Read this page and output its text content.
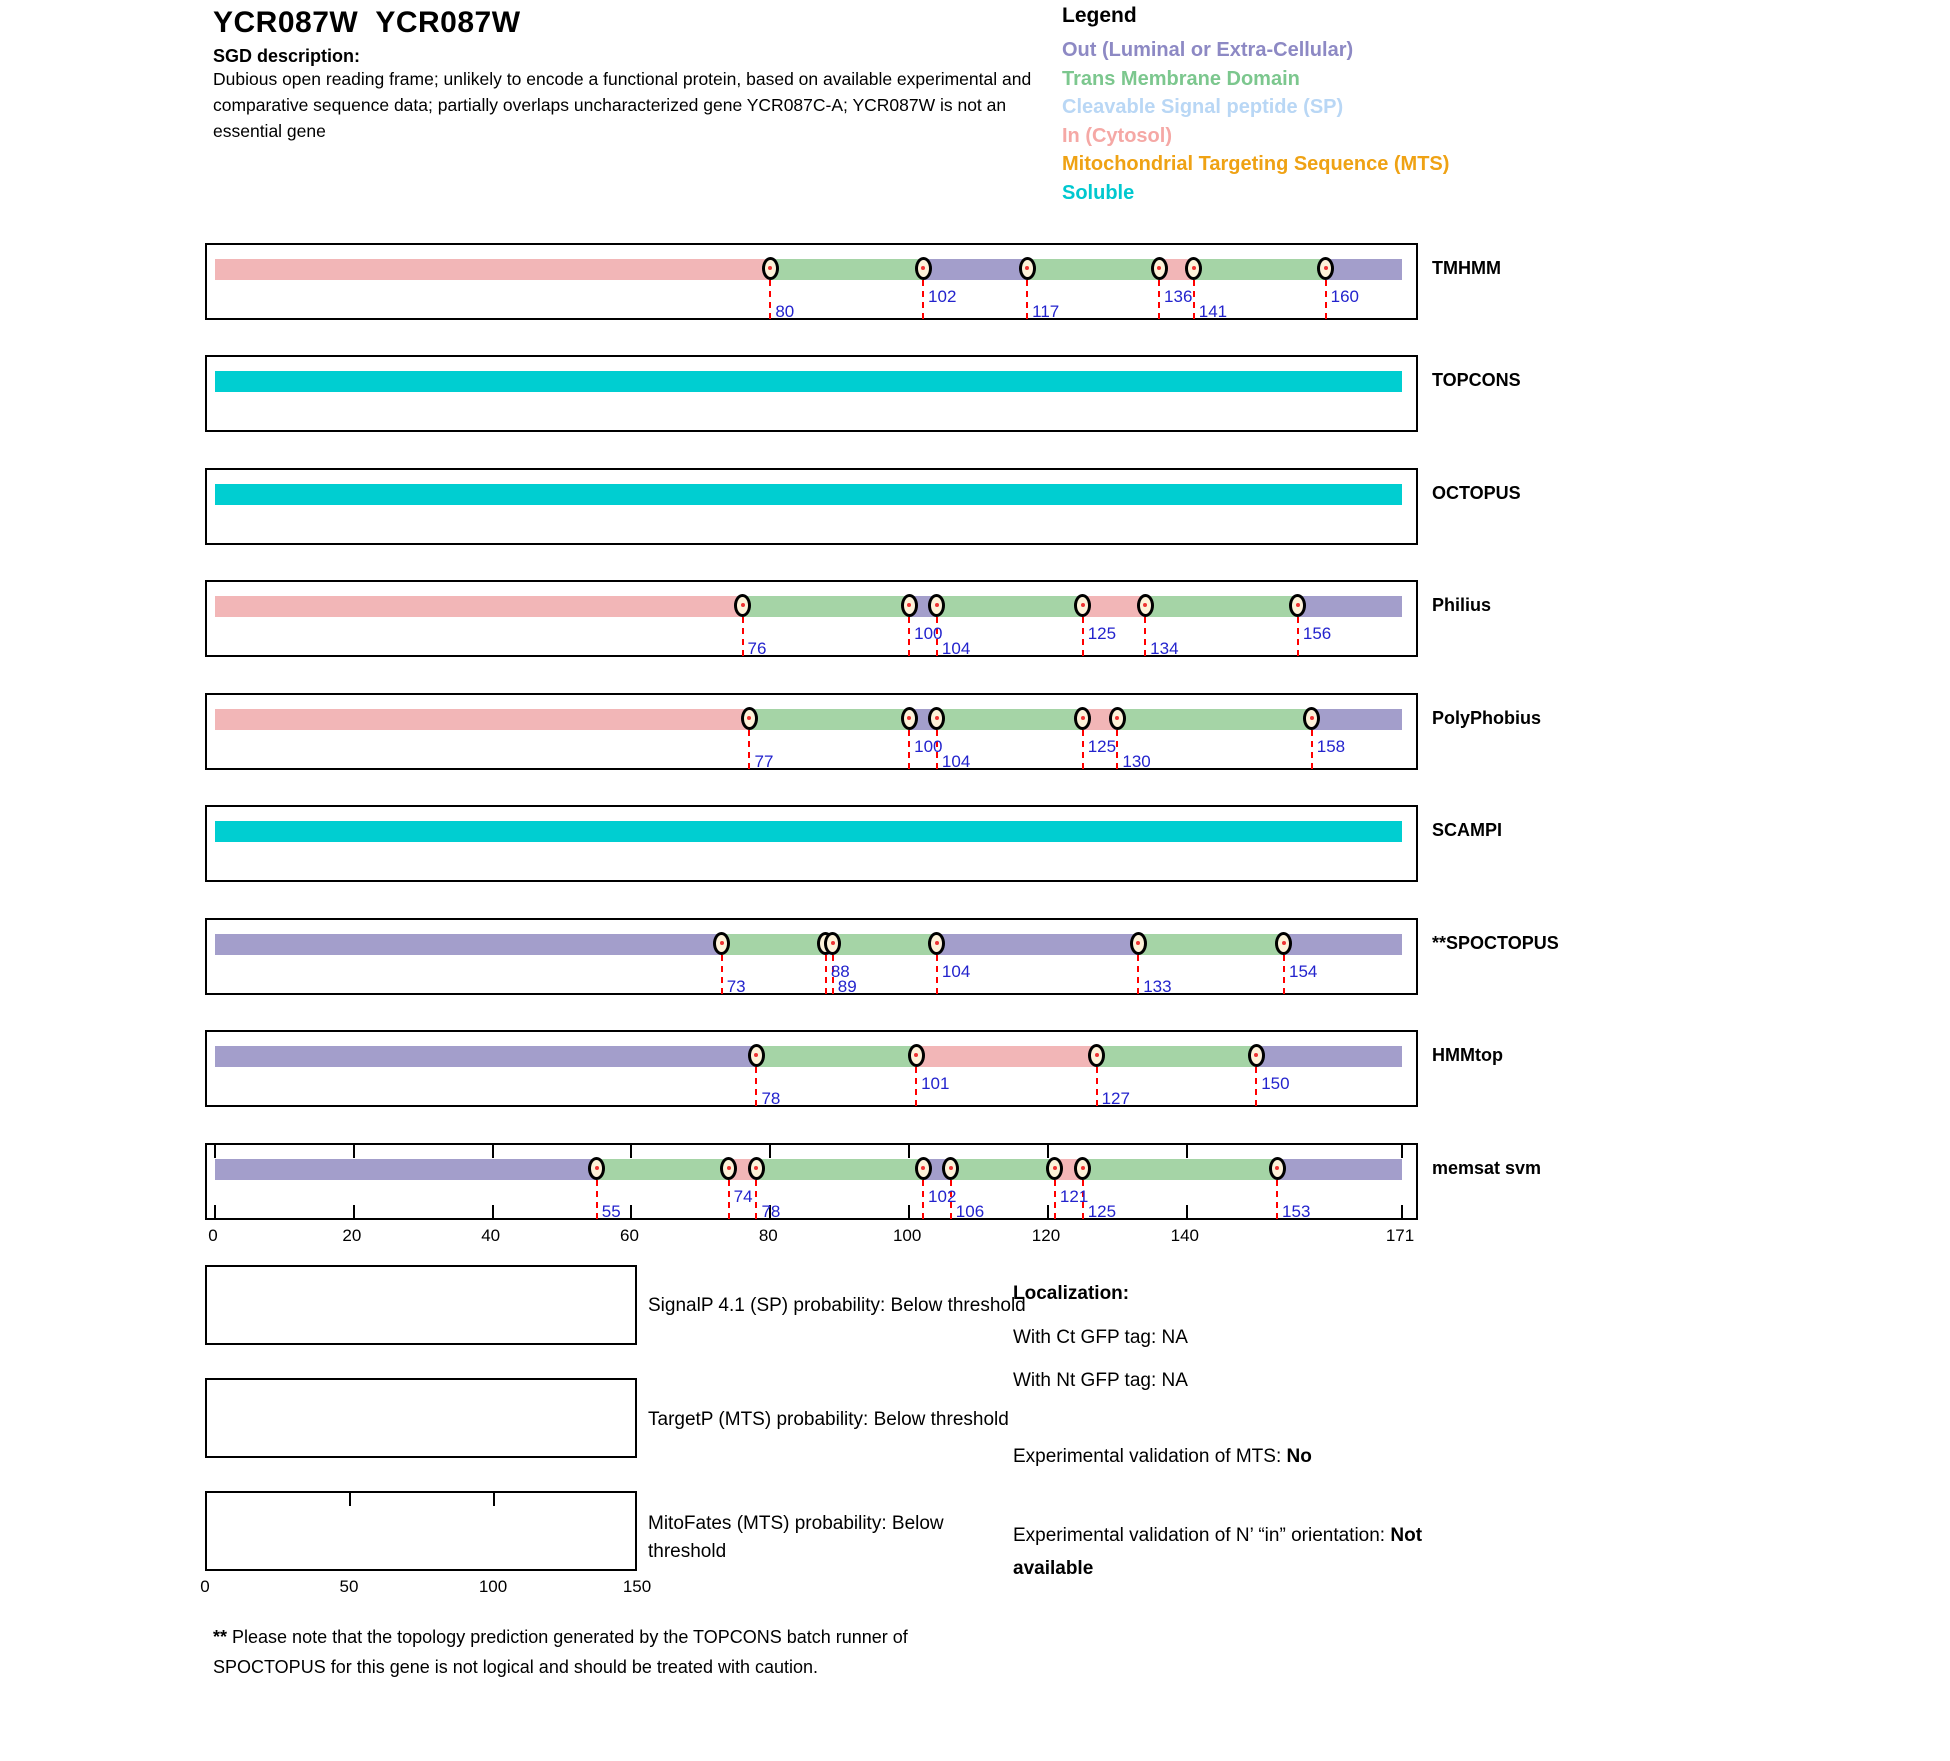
YCR087W  YCR087W
SGD description:
Dubious open reading frame; unlikely to encode a functional protein, based on available experimental and
comparative sequence data; partially overlaps uncharacterized gene YCR087C-A; YCR087W is not an
essential gene
Legend
Out (Luminal or Extra-Cellular)
Trans Membrane Domain
Cleavable Signal peptide (SP)
In (Cytosol)
Mitochondrial Targeting Sequence (MTS)
Soluble
80
102
117
136
141
160
TMHMM
TOPCONS
OCTOPUS
76
100
104
125
134
156
Philius
77
100
104
125
130
158
PolyPhobius
SCAMPI
73
88
89
104
133
154
**SPOCTOPUS
78
101
127
150
HMMtop
55
74
78
102
106
121
125	153
memsat svm
0	20	40	60	80	100	120	140	171
SignalP 4.1 (SP) probability: Below threshold
TargetP (MTS) probability: Below threshold
MitoFates (MTS) probability: Below
threshold
0	50	100	150
Localization:
With Ct GFP tag: NA
With Nt GFP tag: NA
Experimental validation of MTS: No
Experimental validation of N’ “in” orientation: Not available
** Please note that the topology prediction generated by the TOPCONS batch runner of
SPOCTOPUS for this gene is not logical and should be treated with caution.
